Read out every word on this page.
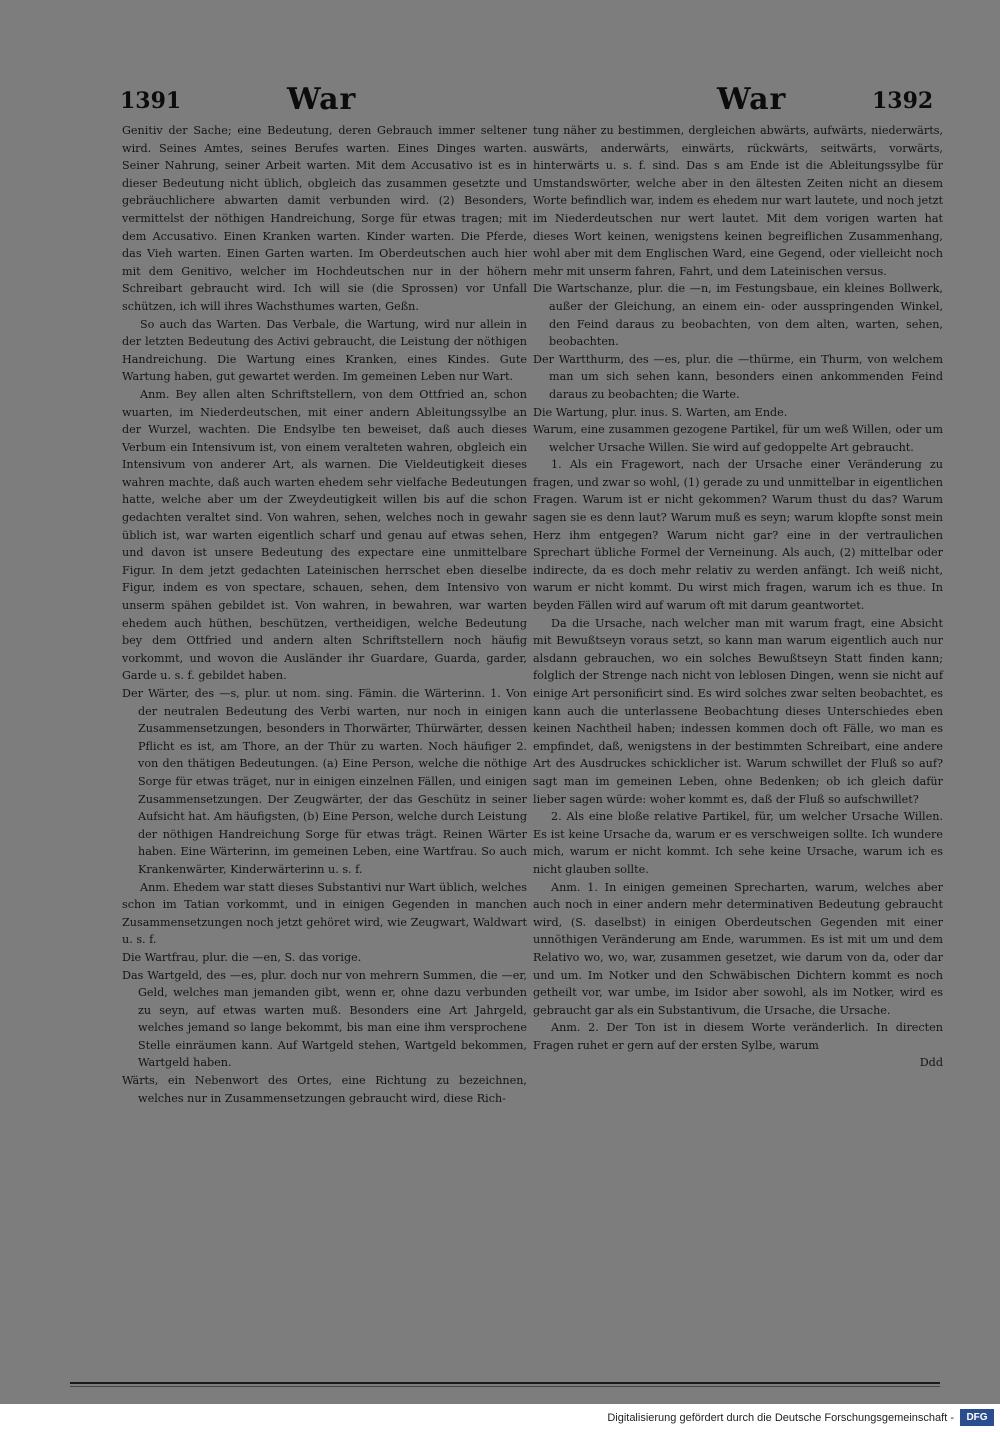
1391	War	War	1392

Genitiv der Sache; eine Bedeutung, deren Gebrauch immer seltener wird. Seines Amtes, seines Berufes warten. Eines Dinges warten. Seiner Nahrung, seiner Arbeit warten. Mit dem Accusativo ist es in dieser Bedeutung nicht üblich, obgleich das zusammen gesetzte und gebräuchlichere abwarten damit verbunden wird. (2) Besonders, vermittelst der nöthigen Handreichung, Sorge für etwas tragen; mit dem Accusativo. Einen Kranken warten. Kinder warten. Die Pferde, das Vieh warten. Einen Garten warten. Im Oberdeutschen auch hier mit dem Genitivo, welcher im Hochdeutschen nur in der höhern Schreibart gebraucht wird. Ich will sie (die Sprossen) vor Unfall schützen, ich will ihres Wachsthumes warten, Geßn.

So auch das Warten. Das Verbale, die Wartung, wird nur allein in der letzten Bedeutung des Activi gebraucht, die Leistung der nöthigen Handreichung. Die Wartung eines Kranken, eines Kindes. Gute Wartung haben, gut gewartet werden. Im gemeinen Leben nur Wart.

Anm. Bey allen alten Schriftstellern, von dem Ottfried an, schon wuarten, im Niederdeutschen, mit einer andern Ableitungssylbe an der Wurzel, wachten. Die Endsylbe ten beweiset, daß auch dieses Verbum ein Intensivum ist, von einem veralteten wahren, obgleich ein Intensivum von anderer Art, als warnen. Die Vieldeutigkeit dieses wahren machte, daß auch warten ehedem sehr vielfache Bedeutungen hatte, welche aber um der Zweydeutigkeit willen bis auf die schon gedachten veraltet sind. Von wahren, sehen, welches noch in gewahr üblich ist, war warten eigentlich scharf und genau auf etwas sehen, und davon ist unsere Bedeutung des expectare eine unmittelbare Figur. In dem jetzt gedachten Lateinischen herrschet eben dieselbe Figur, indem es von spectare, schauen, sehen, dem Intensivo von unserm spähen gebildet ist. Von wahren, in bewahren, war warten ehedem auch hüthen, beschützen, vertheidigen, welche Bedeutung bey dem Ottfried und andern alten Schriftstellern noch häufig vorkommt, und wovon die Ausländer ihr Guardare, Guarda, garder, Garde u. s. f. gebildet haben.

Der Wärter, des —s, plur. ut nom. sing. Fämin. die Wärterinn. 1. Von der neutralen Bedeutung des Verbi warten, nur noch in einigen Zusammensetzungen, besonders in Thorwärter, Thürwärter, dessen Pflicht es ist, am Thore, an der Thür zu warten. Noch häufiger 2. von den thätigen Bedeutungen. (a) Eine Person, welche die nöthige Sorge für etwas träget, nur in einigen einzelnen Fällen, und einigen Zusammensetzungen. Der Zeugwärter, der das Geschütz in seiner Aufsicht hat. Am häufigsten, (b) Eine Person, welche durch Leistung der nöthigen Handreichung Sorge für etwas trägt. Reinen Wärter haben. Eine Wärterinn, im gemeinen Leben, eine Wartfrau. So auch Krankenwärter, Kinderwärterinn u. s. f.

Anm. Ehedem war statt dieses Substantivi nur Wart üblich, welches schon im Tatian vorkommt, und in einigen Gegenden in manchen Zusammensetzungen noch jetzt gehöret wird, wie Zeugwart, Waldwart u. s. f.

Die Wartfrau, plur. die —en, S. das vorige.

Das Wartgeld, des —es, plur. doch nur von mehrern Summen, die —er, Geld, welches man jemanden gibt, wenn er, ohne dazu verbunden zu seyn, auf etwas warten muß. Besonders eine Art Jahrgeld, welches jemand so lange bekommt, bis man eine ihm versprochene Stelle einräumen kann. Auf Wartgeld stehen, Wartgeld bekommen, Wartgeld haben.

Wärts, ein Nebenwort des Ortes, eine Richtung zu bezeichnen, welches nur in Zusammensetzungen gebraucht wird, diese Rich-

tung näher zu bestimmen, dergleichen abwärts, aufwärts, niederwärts, auswärts, anderwärts, einwärts, rückwärts, seitwärts, vorwärts, hinterwärts u. s. f. sind. Das s am Ende ist die Ableitungssylbe für Umstandswörter, welche aber in den ältesten Zeiten nicht an diesem Worte befindlich war, indem es ehedem nur wart lautete, und noch jetzt im Niederdeutschen nur wert lautet. Mit dem vorigen warten hat dieses Wort keinen, wenigstens keinen begreiflichen Zusammenhang, wohl aber mit dem Englischen Ward, eine Gegend, oder vielleicht noch mehr mit unserm fahren, Fahrt, und dem Lateinischen versus.

Die Wartschanze, plur. die —n, im Festungsbaue, ein kleines Bollwerk, außer der Gleichung, an einem ein- oder ausspringenden Winkel, den Feind daraus zu beobachten, von dem alten, warten, sehen, beobachten.

Der Wartthurm, des —es, plur. die —thürme, ein Thurm, von welchem man um sich sehen kann, besonders einen ankommenden Feind daraus zu beobachten; die Warte.

Die Wartung, plur. inus. S. Warten, am Ende.

Warum, eine zusammen gezogene Partikel, für um weß Willen, oder um welcher Ursache Willen. Sie wird auf gedoppelte Art gebraucht.

1. Als ein Fragewort, nach der Ursache einer Veränderung zu fragen, und zwar so wohl, (1) gerade zu und unmittelbar in eigentlichen Fragen. Warum ist er nicht gekommen? Warum thust du das? Warum sagen sie es denn laut? Warum muß es seyn; warum klopfte sonst mein Herz ihm entgegen? Warum nicht gar? eine in der vertraulichen Sprechart übliche Formel der Verneinung. Als auch, (2) mittelbar oder indirecte, da es doch mehr relativ zu werden anfängt. Ich weiß nicht, warum er nicht kommt. Du wirst mich fragen, warum ich es thue. In beyden Fällen wird auf warum oft mit darum geantwortet.

Da die Ursache, nach welcher man mit warum fragt, eine Absicht mit Bewußtseyn voraus setzt, so kann man warum eigentlich auch nur alsdann gebrauchen, wo ein solches Bewußtseyn Statt finden kann; folglich der Strenge nach nicht von leblosen Dingen, wenn sie nicht auf einige Art personificirt sind. Es wird solches zwar selten beobachtet, es kann auch die unterlassene Beobachtung dieses Unterschiedes eben keinen Nachtheil haben; indessen kommen doch oft Fälle, wo man es empfindet, daß, wenigstens in der bestimmten Schreibart, eine andere Art des Ausdruckes schicklicher ist. Warum schwillet der Fluß so auf? sagt man im gemeinen Leben, ohne Bedenken; ob ich gleich dafür lieber sagen würde: woher kommt es, daß der Fluß so aufschwillet?

2. Als eine bloße relative Partikel, für, um welcher Ursache Willen. Es ist keine Ursache da, warum er es verschweigen sollte. Ich wundere mich, warum er nicht kommt. Ich sehe keine Ursache, warum ich es nicht glauben sollte.

Anm. 1. In einigen gemeinen Sprecharten, warum, welches aber auch noch in einer andern mehr determinativen Bedeutung gebraucht wird, (S. daselbst) in einigen Oberdeutschen Gegenden mit einer unnöthigen Veränderung am Ende, warummen. Es ist mit um und dem Relativo wo, wo, war, zusammen gesetzet, wie darum von da, oder dar und um. Im Notker und den Schwäbischen Dichtern kommt es noch getheilt vor, war umbe, im Isidor aber sowohl, als im Notker, wird es gebraucht gar als ein Substantivum, die Ursache, die Ursache.

Anm. 2. Der Ton ist in diesem Worte veränderlich. In directen Fragen ruhet er gern auf der ersten Sylbe, warum

Ddd

Digitalisierung gefördert durch die Deutsche Forschungsgemeinschaft -	DFG
